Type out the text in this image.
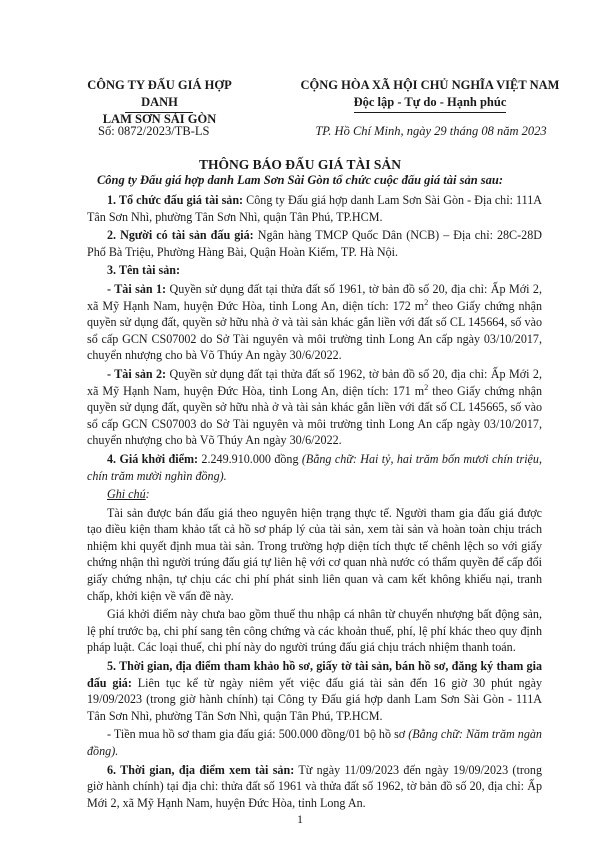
CÔNG TY ĐẤU GIÁ HỢP DANH
LAM SƠN SÀI GÒN
CỘNG HÒA XÃ HỘI CHỦ NGHĨA VIỆT NAM
Độc lập - Tự do - Hạnh phúc
Số: 0872/2023/TB-LS	TP. Hồ Chí Minh, ngày 29 tháng 08 năm 2023
THÔNG BÁO ĐẤU GIÁ TÀI SẢN
Công ty Đấu giá hợp danh Lam Sơn Sài Gòn tổ chức cuộc đấu giá tài sản sau:

1. Tổ chức đấu giá tài sản: Công ty Đấu giá hợp danh Lam Sơn Sài Gòn - Địa chỉ: 111A Tân Sơn Nhì, phường Tân Sơn Nhì, quận Tân Phú, TP.HCM.

2. Người có tài sản đấu giá: Ngân hàng TMCP Quốc Dân (NCB) – Địa chỉ: 28C-28D Phố Bà Triệu, Phường Hàng Bài, Quận Hoàn Kiếm, TP. Hà Nội.

3. Tên tài sản:

- Tài sản 1: Quyền sử dụng đất tại thửa đất số 1961, tờ bản đồ số 20, địa chỉ: Ấp Mới 2, xã Mỹ Hạnh Nam, huyện Đức Hòa, tỉnh Long An, diện tích: 172 $m^2$ theo Giấy chứng nhận quyền sử dụng đất, quyền sở hữu nhà ở và tài sản khác gắn liền với đất số CL 145664, số vào sổ cấp GCN CS07002 do Sở Tài nguyên và môi trường tỉnh Long An cấp ngày 03/10/2017, chuyển nhượng cho bà Võ Thúy An ngày 30/6/2022.

- Tài sản 2: Quyền sử dụng đất tại thửa đất số 1962, tờ bản đồ số 20, địa chỉ: Ấp Mới 2, xã Mỹ Hạnh Nam, huyện Đức Hòa, tỉnh Long An, diện tích: 171 $m^2$ theo Giấy chứng nhận quyền sử dụng đất, quyền sở hữu nhà ở và tài sản khác gắn liền với đất số CL 145665, số vào sổ cấp GCN CS07003 do Sở Tài nguyên và môi trường tỉnh Long An cấp ngày 03/10/2017, chuyển nhượng cho bà Võ Thúy An ngày 30/6/2022.

4. Giá khởi điểm: 2.249.910.000 đồng (Bằng chữ: Hai tỷ, hai trăm bốn mươi chín triệu, chín trăm mười nghìn đồng).

Ghi chú:

Tài sản được bán đấu giá theo nguyên hiện trạng thực tế. Người tham gia đấu giá được tạo điều kiện tham khảo tất cả hồ sơ pháp lý của tài sản, xem tài sản và hoàn toàn chịu trách nhiệm khi quyết định mua tài sản. Trong trường hợp diện tích thực tế chênh lệch so với giấy chứng nhận thì người trúng đấu giá tự liên hệ với cơ quan nhà nước có thẩm quyền để cấp đổi giấy chứng nhận, tự chịu các chi phí phát sinh liên quan và cam kết không khiếu nại, tranh chấp, khởi kiện về vấn đề này.

Giá khởi điểm này chưa bao gồm thuế thu nhập cá nhân từ chuyển nhượng bất động sản, lệ phí trước bạ, chi phí sang tên công chứng và các khoản thuế, phí, lệ phí khác theo quy định pháp luật. Các loại thuế, chi phí này do người trúng đấu giá chịu trách nhiệm thanh toán.

5. Thời gian, địa điểm tham khảo hồ sơ, giấy tờ tài sản, bán hồ sơ, đăng ký tham gia đấu giá: Liên tục kể từ ngày niêm yết việc đấu giá tài sản đến 16 giờ 30 phút ngày 19/09/2023 (trong giờ hành chính) tại Công ty Đấu giá hợp danh Lam Sơn Sài Gòn - 111A Tân Sơn Nhì, phường Tân Sơn Nhì, quận Tân Phú, TP.HCM.

- Tiền mua hồ sơ tham gia đấu giá: 500.000 đồng/01 bộ hồ sơ (Bằng chữ: Năm trăm ngàn đồng).

6. Thời gian, địa điểm xem tài sản: Từ ngày 11/09/2023 đến ngày 19/09/2023 (trong giờ hành chính) tại địa chỉ: thửa đất số 1961 và thửa đất số 1962, tờ bản đồ số 20, địa chỉ: Ấp Mới 2, xã Mỹ Hạnh Nam, huyện Đức Hòa, tỉnh Long An.

1
